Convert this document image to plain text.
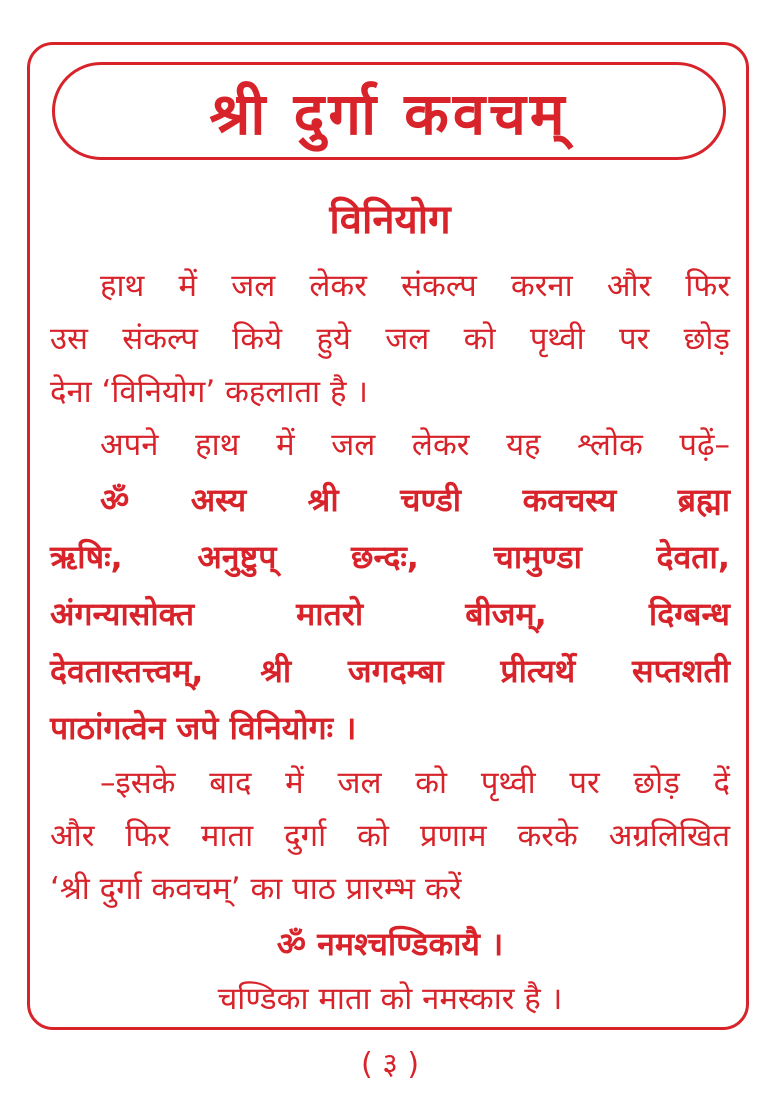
श्री दुर्गा कवचम्
विनियोग
हाथ में जल लेकर संकल्प करना और फिर
उस संकल्प किये हुये जल को पृथ्वी पर छोड़
देना ‘विनियोग’ कहलाता है ।
अपने हाथ में जल लेकर यह श्लोक पढ़ें–
ॐ अस्य श्री चण्डी कवचस्य ब्रह्मा
ऋषिः, अनुष्टुप् छन्दः, चामुण्डा देवता,
अंगन्यासोक्त मातरो बीजम्, दिग्बन्ध
देवतास्तत्त्वम्, श्री जगदम्बा प्रीत्यर्थे सप्तशती
पाठांगत्वेन जपे विनियोगः ।
–इसके बाद में जल को पृथ्वी पर छोड़ दें
और फिर माता दुर्गा को प्रणाम करके अग्रलिखित
‘श्री दुर्गा कवचम्’ का पाठ प्रारम्भ करें
ॐ नमश्चण्डिकायै ।
चण्डिका माता को नमस्कार है ।
( ३ )
